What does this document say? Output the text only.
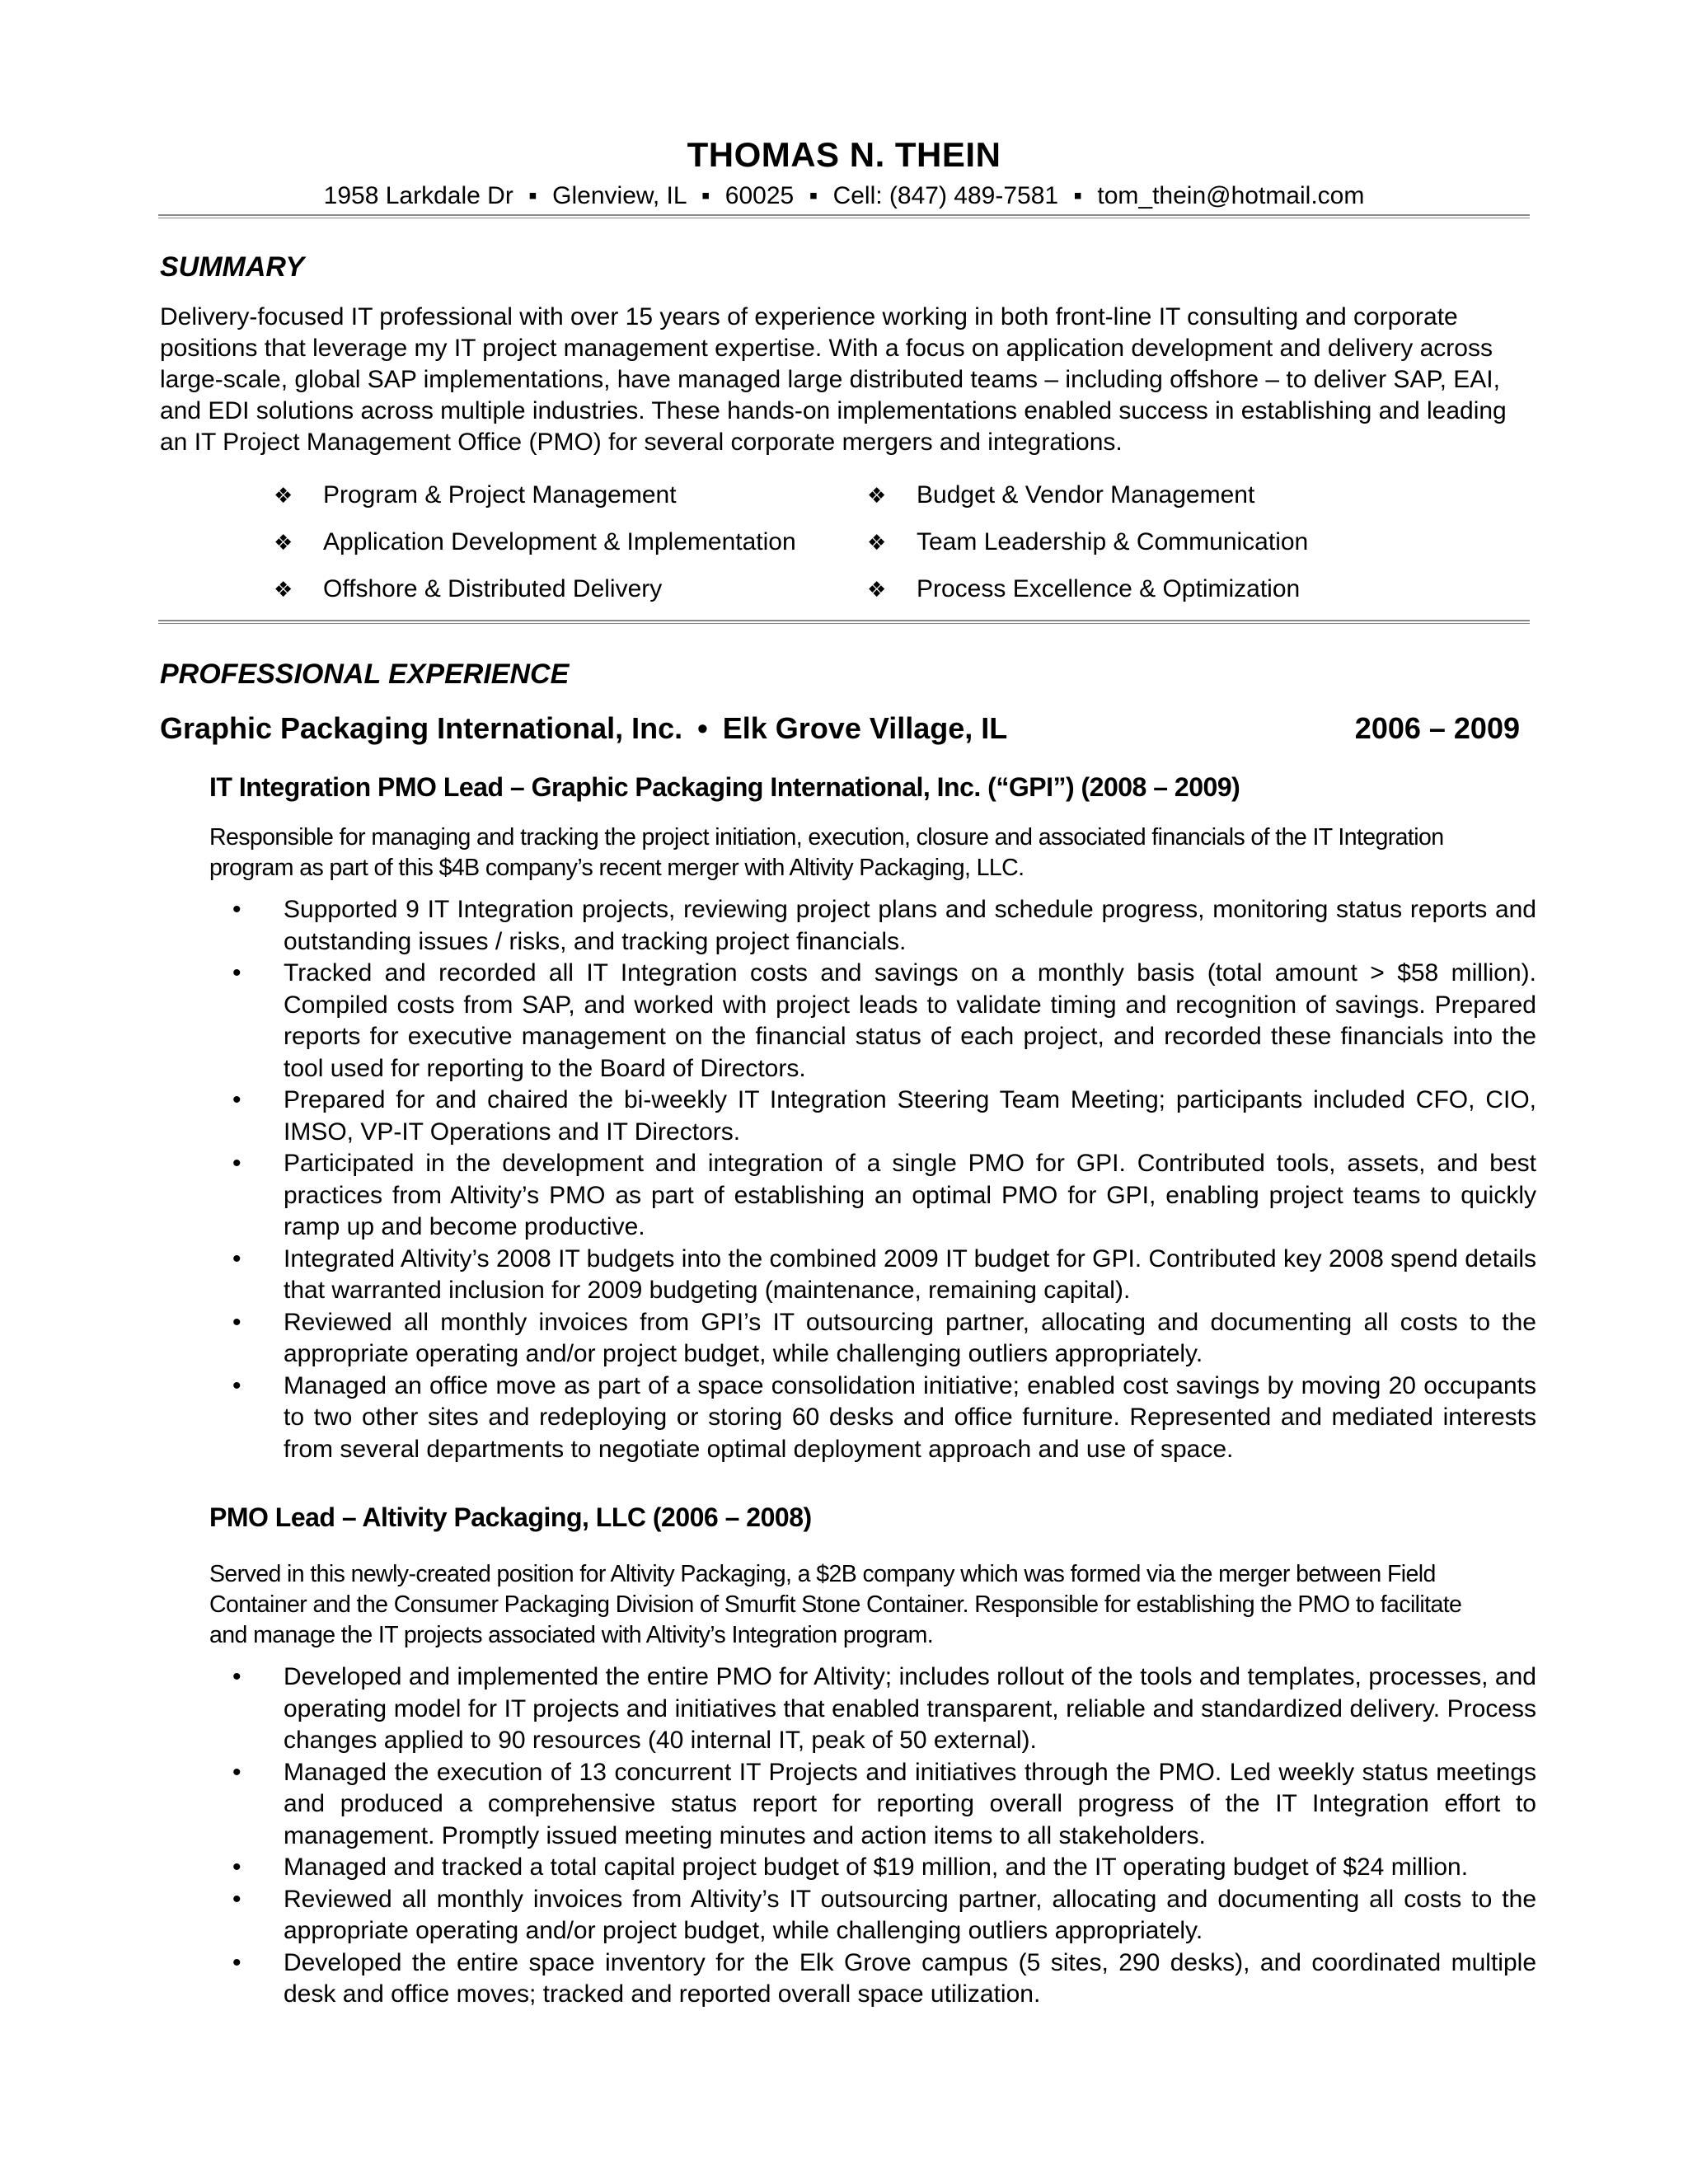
THOMAS N. THEIN
1958 Larkdale Dr ▪ Glenview, IL ▪ 60025 ▪ Cell: (847) 489-7581 ▪ tom_thein@hotmail.com
SUMMARY
Delivery-focused IT professional with over 15 years of experience working in both front-line IT consulting and corporate positions that leverage my IT project management expertise. With a focus on application development and delivery across large-scale, global SAP implementations, have managed large distributed teams – including offshore – to deliver SAP, EAI, and EDI solutions across multiple industries. These hands-on implementations enabled success in establishing and leading an IT Project Management Office (PMO) for several corporate mergers and integrations.
❖	Program & Project Management	❖	Budget & Vendor Management
❖	Application Development & Implementation	❖	Team Leadership & Communication
❖	Offshore & Distributed Delivery	❖	Process Excellence & Optimization
PROFESSIONAL EXPERIENCE
Graphic Packaging International, Inc. • Elk Grove Village, IL	2006 – 2009
IT Integration PMO Lead – Graphic Packaging International, Inc. (“GPI”) (2008 – 2009)
Responsible for managing and tracking the project initiation, execution, closure and associated financials of the IT Integration program as part of this $4B company’s recent merger with Altivity Packaging, LLC.
• Supported 9 IT Integration projects, reviewing project plans and schedule progress, monitoring status reports and outstanding issues / risks, and tracking project financials.
• Tracked and recorded all IT Integration costs and savings on a monthly basis (total amount > $58 million). Compiled costs from SAP, and worked with project leads to validate timing and recognition of savings. Prepared reports for executive management on the financial status of each project, and recorded these financials into the tool used for reporting to the Board of Directors.
• Prepared for and chaired the bi-weekly IT Integration Steering Team Meeting; participants included CFO, CIO, IMSO, VP-IT Operations and IT Directors.
• Participated in the development and integration of a single PMO for GPI. Contributed tools, assets, and best practices from Altivity’s PMO as part of establishing an optimal PMO for GPI, enabling project teams to quickly ramp up and become productive.
• Integrated Altivity’s 2008 IT budgets into the combined 2009 IT budget for GPI. Contributed key 2008 spend details that warranted inclusion for 2009 budgeting (maintenance, remaining capital).
• Reviewed all monthly invoices from GPI’s IT outsourcing partner, allocating and documenting all costs to the appropriate operating and/or project budget, while challenging outliers appropriately.
• Managed an office move as part of a space consolidation initiative; enabled cost savings by moving 20 occupants to two other sites and redeploying or storing 60 desks and office furniture. Represented and mediated interests from several departments to negotiate optimal deployment approach and use of space.
PMO Lead – Altivity Packaging, LLC (2006 – 2008)
Served in this newly-created position for Altivity Packaging, a $2B company which was formed via the merger between Field Container and the Consumer Packaging Division of Smurfit Stone Container. Responsible for establishing the PMO to facilitate and manage the IT projects associated with Altivity’s Integration program.
• Developed and implemented the entire PMO for Altivity; includes rollout of the tools and templates, processes, and operating model for IT projects and initiatives that enabled transparent, reliable and standardized delivery. Process changes applied to 90 resources (40 internal IT, peak of 50 external).
• Managed the execution of 13 concurrent IT Projects and initiatives through the PMO. Led weekly status meetings and produced a comprehensive status report for reporting overall progress of the IT Integration effort to management. Promptly issued meeting minutes and action items to all stakeholders.
• Managed and tracked a total capital project budget of $19 million, and the IT operating budget of $24 million.
• Reviewed all monthly invoices from Altivity’s IT outsourcing partner, allocating and documenting all costs to the appropriate operating and/or project budget, while challenging outliers appropriately.
• Developed the entire space inventory for the Elk Grove campus (5 sites, 290 desks), and coordinated multiple desk and office moves; tracked and reported overall space utilization.
